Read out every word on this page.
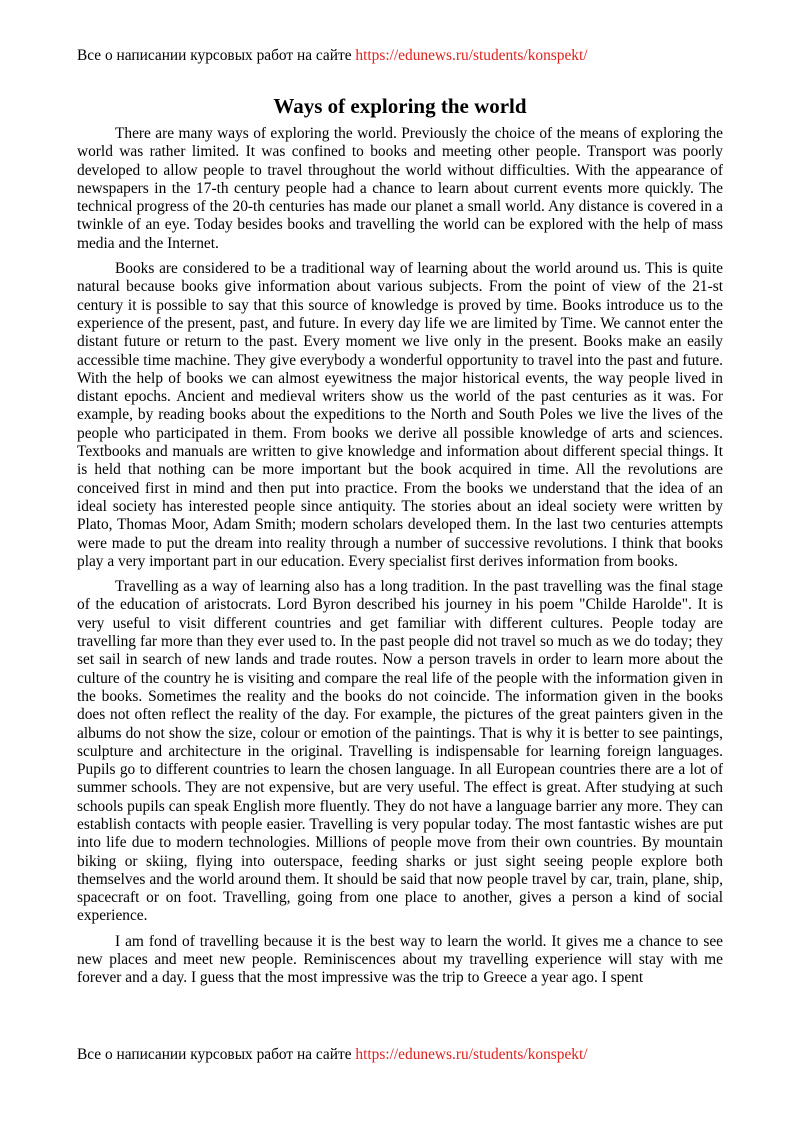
Все о написании курсовых работ на сайте https://edunews.ru/students/konspekt/
Ways of exploring the world

There are many ways of exploring the world. Previously the choice of the means of exploring the world was rather limited. It was confined to books and meeting other people. Transport was poorly developed to allow people to travel throughout the world without difficulties. With the appearance of newspapers in the 17-th century people had a chance to learn about current events more quickly. The technical progress of the 20-th centuries has made our planet a small world. Any distance is covered in a twinkle of an eye. Today besides books and travelling the world can be explored with the help of mass media and the Internet.

Books are considered to be a traditional way of learning about the world around us. This is quite natural because books give information about various subjects. From the point of view of the 21-st century it is possible to say that this source of knowledge is proved by time. Books introduce us to the experience of the present, past, and future. In every day life we are limited by Time. We cannot enter the distant future or return to the past. Every moment we live only in the present. Books make an easily accessible time machine. They give everybody a wonderful opportunity to travel into the past and future. With the help of books we can almost eyewitness the major historical events, the way people lived in distant epochs. Ancient and medieval writers show us the world of the past centuries as it was. For example, by reading books about the expeditions to the North and South Poles we live the lives of the people who participated in them. From books we derive all possible knowledge of arts and sciences. Textbooks and manuals are written to give knowledge and information about different special things. It is held that nothing can be more important but the book acquired in time. All the revolutions are conceived first in mind and then put into practice. From the books we understand that the idea of an ideal society has interested people since antiquity. The stories about an ideal society were written by Plato, Thomas Moor, Adam Smith; modern scholars developed them. In the last two centuries attempts were made to put the dream into reality through a number of successive revolutions. I think that books play a very important part in our education. Every specialist first derives information from books.

Travelling as a way of learning also has a long tradition. In the past travelling was the final stage of the education of aristocrats. Lord Byron described his journey in his poem "Childe Harolde". It is very useful to visit different countries and get familiar with different cultures. People today are travelling far more than they ever used to. In the past people did not travel so much as we do today; they set sail in search of new lands and trade routes. Now a person travels in order to learn more about the culture of the country he is visiting and compare the real life of the people with the information given in the books. Sometimes the reality and the books do not coincide. The information given in the books does not often reflect the reality of the day. For example, the pictures of the great painters given in the albums do not show the size, colour or emotion of the paintings. That is why it is better to see paintings, sculpture and architecture in the original. Travelling is indispensable for learning foreign languages. Pupils go to different countries to learn the chosen language. In all European countries there are a lot of summer schools. They are not expensive, but are very useful. The effect is great. After studying at such schools pupils can speak English more fluently. They do not have a language barrier any more. They can establish contacts with people easier. Travelling is very popular today. The most fantastic wishes are put into life due to modern technologies. Millions of people move from their own countries. By mountain biking or skiing, flying into outerspace, feeding sharks or just sight seeing people explore both themselves and the world around them. It should be said that now people travel by car, train, plane, ship, spacecraft or on foot. Travelling, going from one place to another, gives a person a kind of social experience.

I am fond of travelling because it is the best way to learn the world. It gives me a chance to see new places and meet new people. Reminiscences about my travelling experience will stay with me forever and a day. I guess that the most impressive was the trip to Greece a year ago. I spent

Все о написании курсовых работ на сайте https://edunews.ru/students/konspekt/
